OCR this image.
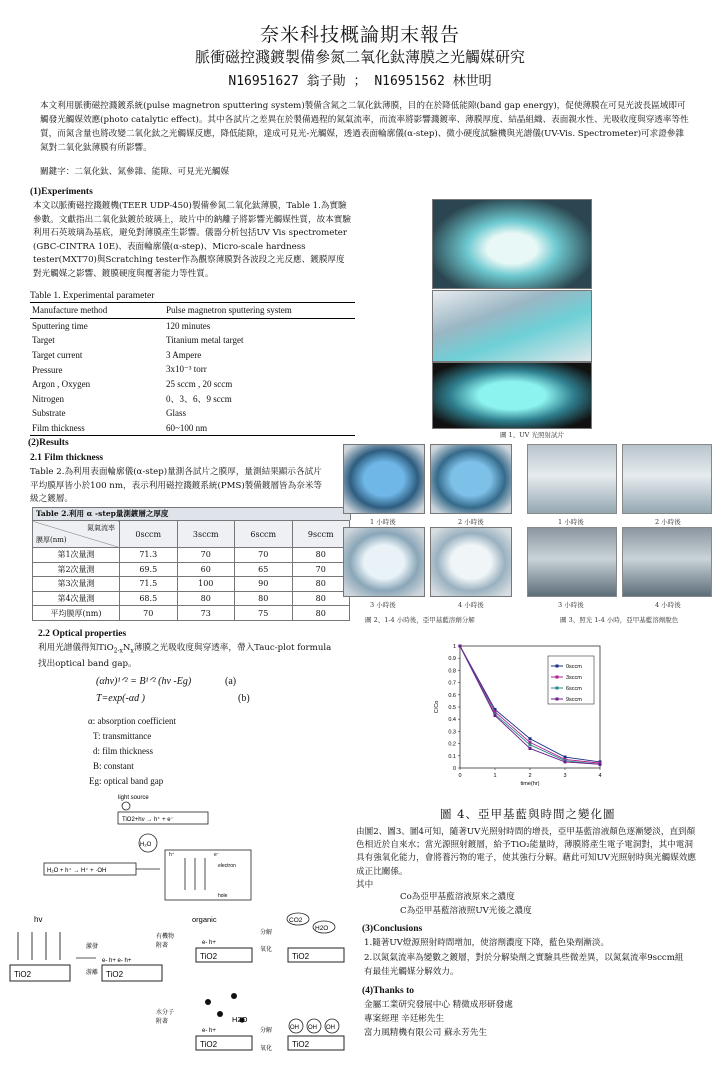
奈米科技概論期末報告
脈衝磁控濺鍍製備參氮二氧化鈦薄膜之光觸媒研究
N16951627 翁子勛 ； N16951562 林世明
本文利用脈衝磁控濺鍍系統(pulse magnetron sputtering system)製備含氮之二氧化鈦薄膜，目的在於降低能隙(band gap energy)，促使薄膜在可見光波長區域即可觸發光觸媒效應(photo catalytic effect)。其中各試片之差異在於製備過程的氮氣流率，而流率將影響濺鍍率、薄膜厚度、結晶組織、表面親水性、光吸收度與穿透率等性質，而氮含量也將改變二氧化鈦之光觸媒反應，降低能隙，達成可見光-光觸媒，透過表面輪廓儀(α-step)、微小硬度試驗機與光譜儀(UV-Vis. Spectrometer)可求證參雜氮對二氧化鈦薄膜有所影響。
關鍵字：二氧化鈦、氮參雜、能隙、可見光光觸媒
(1)Experiments
本文以脈衝磁控濺鍍機(TEER UDP-450)製備參氮二氧化鈦薄膜，Table 1.為實驗參數。文獻指出二氧化鈦鍍於玻璃上，玻片中的鈉離子將影響光觸媒性質，故本實驗利用石英玻璃為基底，避免對薄膜產生影響。儀器分析包括UV Vis spectrometer (GBC-CINTRA 10E)、表面輪廓儀(α-step)、Micro-scale hardness tester(MXT70)與Scratching tester作為觀察薄膜對各波段之光反應、鍍膜厚度對光觸媒之影響、鍍膜硬度與覆著能力等性質。
Table 1. Experimental parameter
Manufacture method	Pulse magnetron sputtering system
Sputtering time	120 minutes
Target	Titanium metal target
Target current	3 Ampere
Pressure	3x10⁻³ torr
Argon , Oxygen	25 sccm , 20 sccm
Nitrogen	0、3、6、9 sccm
Substrate	Glass
Film thickness	60~100 nm
圖 1、UV 光照射試片
(2)Results
2.1 Film thickness
Table 2.為利用表面輪廓儀(α-step)量測各試片之膜厚，量測結果顯示各試片平均膜厚皆小於100 nm，表示利用磁控濺鍍系統(PMS)製備鍍層皆為奈米等級之鍍層。
Table 2.利用 α -step量測鍍層之厚度
氮氣流率
膜厚(nm)	0sccm	3sccm	6sccm	9sccm
第1次量測	71.3	70	70	80
第2次量測	69.5	60	65	70
第3次量測	71.5	100	90	80
第4次量測	68.5	80	80	80
平均膜厚(nm)	70	73	75	80
1 小時後	2 小時後
3 小時後	4 小時後
圖 2、1-4 小時後，亞甲基藍溶劑分解
1 小時後	2 小時後
3 小時後	4 小時後
圖 3、照光 1-4 小時，亞甲基藍溶劑脫色
2.2 Optical properties
利用光譜儀得知$TiO_{2-x}N_x$薄膜之光吸收度與穿透率，帶入Tauc-plot formula找出optical band gap。
(αhν)¹ᐟ² = B¹ᐟ² (hν -Eg)	(a)
T=exp(-αd )	(b)
α: absorption coefficient
T: transmittance
d: film thickness
B: constant
Eg: optical band gap
0
0.1
0.2
0.3
0.4
0.5
0.6
0.7
0.8
0.9
1
0	1	2	3	4
time(hr)
C/Co
0sccm
3sccm
6sccm
9sccm
圖 4、亞甲基藍與時間之變化圖
由圖2、圖3、圖4可知，隨著UV光照射時間的增長，亞甲基藍溶液顏色逐漸變淡，直到顏色相近於自來水；當光源照射鍍層，給予TiO₂能量時，薄膜將產生電子電洞對，其中電洞具有強氧化能力，會將養污物的電子，使其強行分解。藉此可知UV光照射時與光觸媒效應成正比關係。
其中
Co為亞甲基藍溶液原來之濃度
C為亞甲基藍溶液照UV光後之濃度
(3)Conclusions
1.隨著UV燈源照射時間增加，使溶劑濃度下降，藍色染劑漸淡。
2.以氮氣流率為變數之鍍層，對於分解染劑之實驗具些微差異，以氮氣流率9sccm組有最佳光觸媒分解效力。
(4)Thanks to
金屬工業研究發展中心 精微成形研發處
專案經理 辛廷彬先生
富力風精機有限公司 蘇永芳先生
light source
TiO2+hν → h⁺ + e⁻
H₂O
H₂O + h⁺ → H⁺ + ·OH
h⁺	e⁻
electron
hole
hv
TiO2
激發
游離 TiO2
e- h+ e- h+
organic
有機物
附著
TiO2
e- h+
分解
氧化
TiO2
CO2
H2O
水分子
附著	H2O
TiO2
e- h+	分解
氧化 TiO2
OH OH OH
